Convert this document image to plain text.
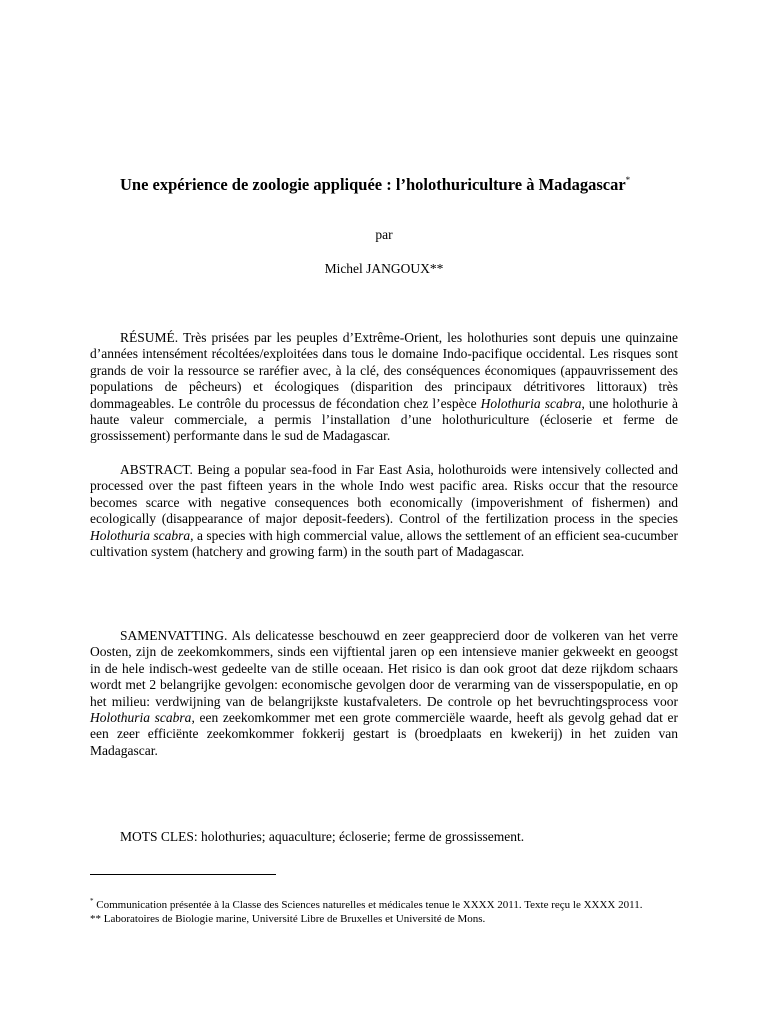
Une expérience de zoologie appliquée : l’holothuriculture à Madagascar*
par
Michel JANGOUX**

RÉSUMÉ. Très prisées par les peuples d’Extrême-Orient, les holothuries sont depuis une quinzaine d’années intensément récoltées/exploitées dans tous le domaine Indo-pacifique occidental. Les risques sont grands de voir la ressource se raréfier avec, à la clé, des conséquences économiques (appauvrissement des populations de pêcheurs) et écologiques (disparition des principaux détritivores littoraux) très dommageables. Le contrôle du processus de fécondation chez l’espèce Holothuria scabra, une holothurie à haute valeur commerciale, a permis l’installation d’une holothuriculture (écloserie et ferme de grossissement) performante dans le sud de Madagascar.

ABSTRACT. Being a popular sea-food in Far East Asia, holothuroids were intensively collected and processed over the past fifteen years in the whole Indo west pacific area. Risks occur that the resource becomes scarce with negative consequences both economically (impoverishment of fishermen) and ecologically (disappearance of major deposit-feeders). Control of the fertilization process in the species Holothuria scabra, a species with high commercial value, allows the settlement of an efficient sea-cucumber cultivation system (hatchery and growing farm) in the south part of Madagascar.

SAMENVATTING. Als delicatesse beschouwd en zeer geapprecierd door de volkeren van het verre Oosten, zijn de zeekomkommers, sinds een vijftiental jaren op een intensieve manier gekweekt en geoogst in de hele indisch-west gedeelte van de stille oceaan. Het risico is dan ook groot dat deze rijkdom schaars wordt met 2 belangrijke gevolgen: economische gevolgen door de verarming van de visserspopulatie, en op het milieu: verdwijning van de belangrijkste kustafvaleters. De controle op het bevruchtingsprocess voor Holothuria scabra, een zeekomkommer met een grote commerciële waarde, heeft als gevolg gehad dat er een zeer efficiënte zeekomkommer fokkerij gestart is (broedplaats en kwekerij) in het zuiden van Madagascar.

MOTS CLES: holothuries; aquaculture; écloserie; ferme de grossissement.

* Communication présentée à la Classe des Sciences naturelles et médicales tenue le XXXX 2011. Texte reçu le XXXX 2011.

** Laboratoires de Biologie marine, Université Libre de Bruxelles et Université de Mons.
